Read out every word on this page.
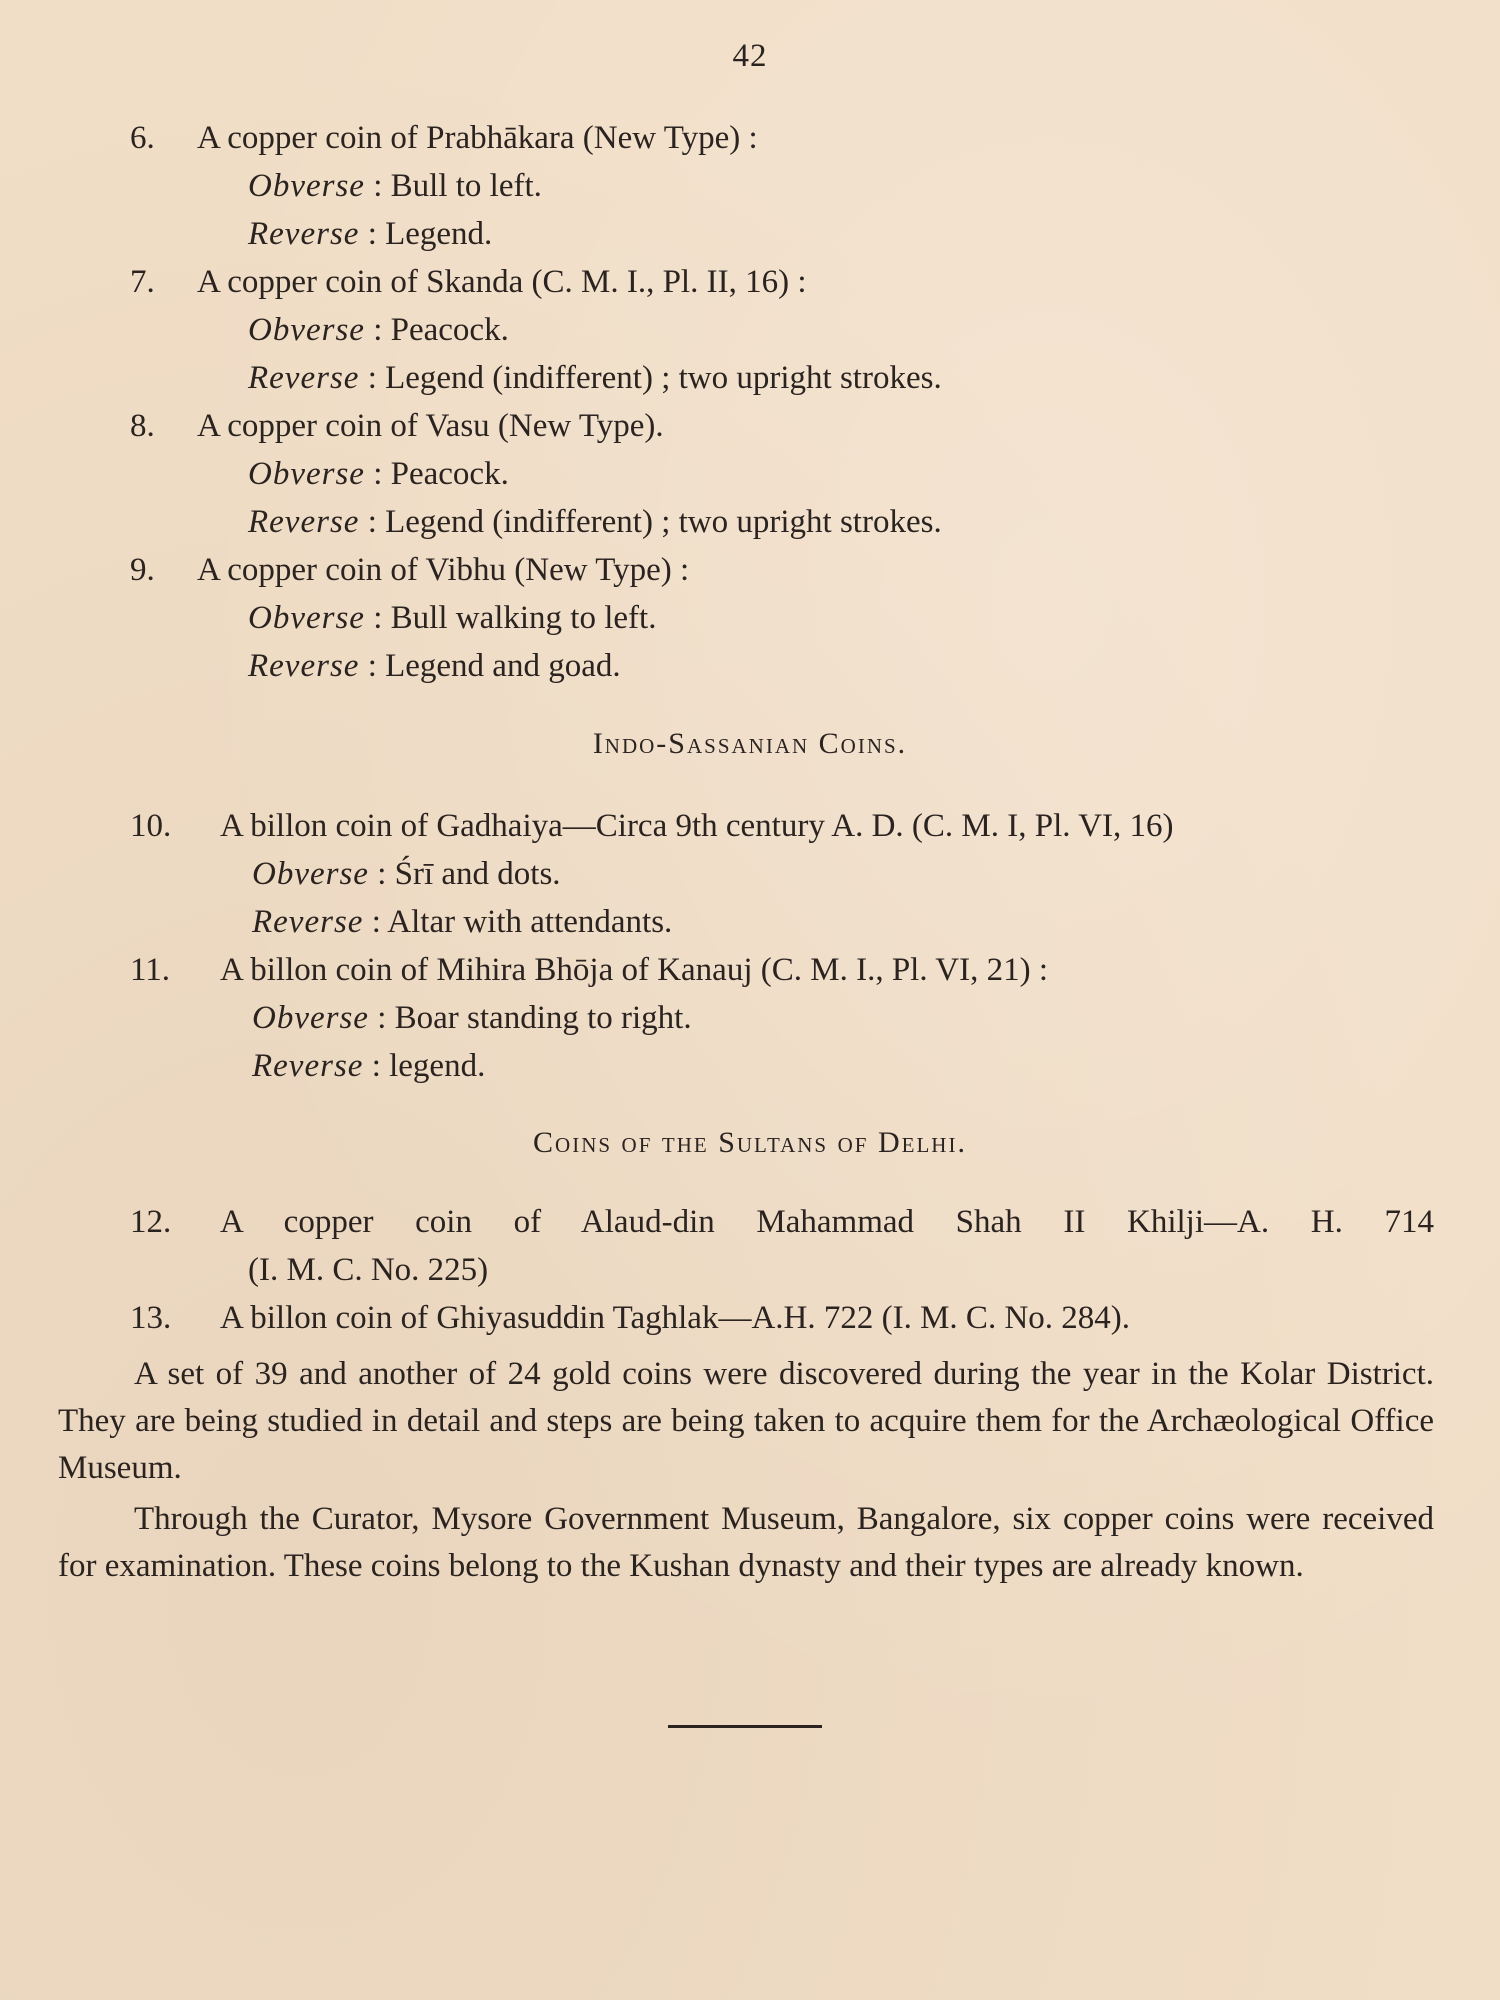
42
6. A copper coin of Prabhākara (New Type) :
Obverse : Bull to left.
Reverse : Legend.
7. A copper coin of Skanda (C. M. I., Pl. II, 16) :
Obverse : Peacock.
Reverse : Legend (indifferent) ; two upright strokes.
8. A copper coin of Vasu (New Type).
Obverse : Peacock.
Reverse : Legend (indifferent) ; two upright strokes.
9. A copper coin of Vibhu (New Type) :
Obverse : Bull walking to left.
Reverse : Legend and goad.
Indo-Sassanian Coins.
10. A billon coin of Gadhaiya—Circa 9th century A. D. (C. M. I, Pl. VI, 16)
Obverse : Śrī and dots.
Reverse : Altar with attendants.
11. A billon coin of Mihira Bhōja of Kanauj (C. M. I., Pl. VI, 21) :
Obverse : Boar standing to right.
Reverse : legend.
Coins of the Sultans of Delhi.
12. A copper coin of Alaud-din Mahammad Shah II Khilji—A. H. 714
(I. M. C. No. 225)
13. A billon coin of Ghiyasuddin Taghlak—A.H. 722 (I. M. C. No. 284).
A set of 39 and another of 24 gold coins were discovered during the year in the Kolar District. They are being studied in detail and steps are being taken to acquire them for the Archæological Office Museum.
Through the Curator, Mysore Government Museum, Bangalore, six copper coins were received for examination. These coins belong to the Kushan dynasty and their types are already known.
